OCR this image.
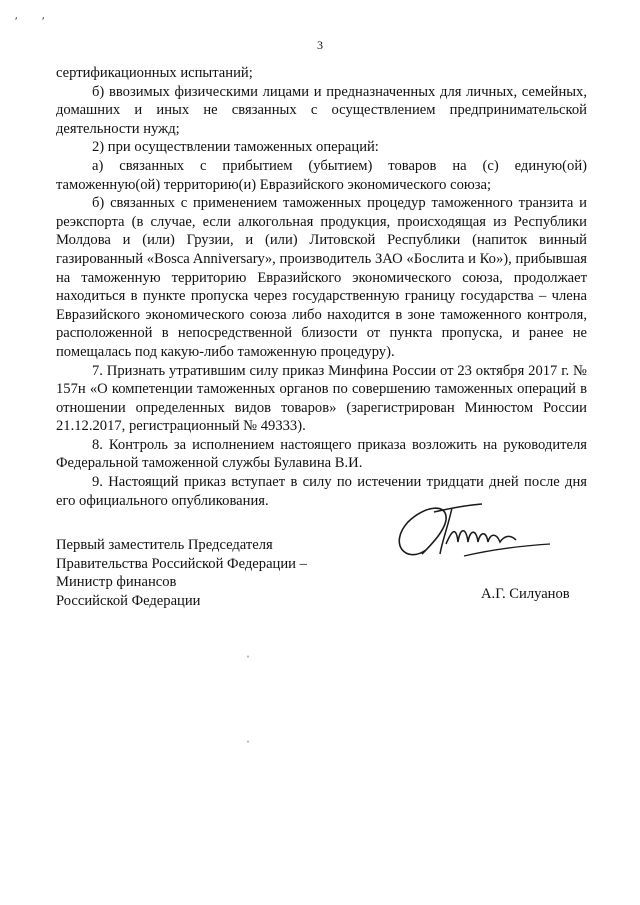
3

сертификационных испытаний;

б) ввозимых физическими лицами и предназначенных для личных, семейных, домашних и иных не связанных с осуществлением предпринимательской деятельности нужд;

2) при осуществлении таможенных операций:

а) связанных с прибытием (убытием) товаров на (с) единую(ой) таможенную(ой) территорию(и) Евразийского экономического союза;

б) связанных с применением таможенных процедур таможенного транзита и реэкспорта (в случае, если алкогольная продукция, происходящая из Республики Молдова и (или) Грузии, и (или) Литовской Республики (напиток винный газированный «Bosca Anniversary», производитель ЗАО «Бослита и Ко»), прибывшая на таможенную территорию Евразийского экономического союза, продолжает находиться в пункте пропуска через государственную границу государства – члена Евразийского экономического союза либо находится в зоне таможенного контроля, расположенной в непосредственной близости от пункта пропуска, и ранее не помещалась под какую-либо таможенную процедуру).

7. Признать утратившим силу приказ Минфина России от 23 октября 2017 г. № 157н «О компетенции таможенных органов по совершению таможенных операций в отношении определенных видов товаров» (зарегистрирован Минюстом России 21.12.2017, регистрационный № 49333).

8. Контроль за исполнением настоящего приказа возложить на руководителя Федеральной таможенной службы Булавина В.И.

9. Настоящий приказ вступает в силу по истечении тридцати дней после дня его официального опубликования.

Первый заместитель Председателя
Правительства Российской Федерации –
Министр финансов
Российской Федерации	А.Г. Силуанов
ʹ ʹ
ˈ
ˈ
